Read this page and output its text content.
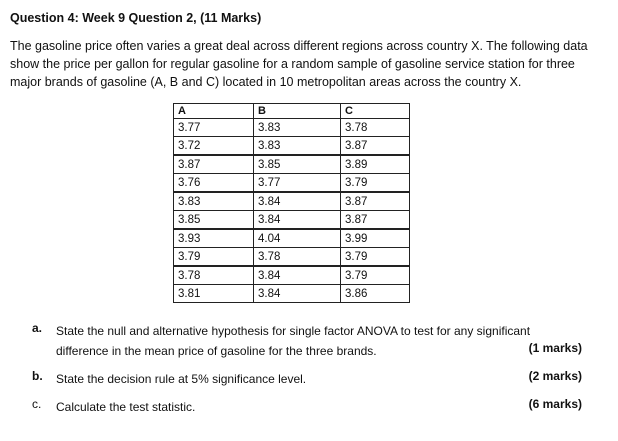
Question 4: Week 9 Question 2, (11 Marks)

The gasoline price often varies a great deal across different regions across country X. The following data show the price per gallon for regular gasoline for a random sample of gasoline service station for three major brands of gasoline (A, B and C) located in 10 metropolitan areas across the country X.

A	B	C
3.77	3.83	3.78
3.72	3.83	3.87
3.87	3.85	3.89
3.76	3.77	3.79
3.83	3.84	3.87
3.85	3.84	3.87
3.93	4.04	3.99
3.79	3.78	3.79
3.78	3.84	3.79
3.81	3.84	3.86
a. State the null and alternative hypothesis for single factor ANOVA to test for any significant
difference in the mean price of gasoline for the three brands.	(1 marks)
b. State the decision rule at 5% significance level.	(2 marks)
c. Calculate the test statistic.	(6 marks)
